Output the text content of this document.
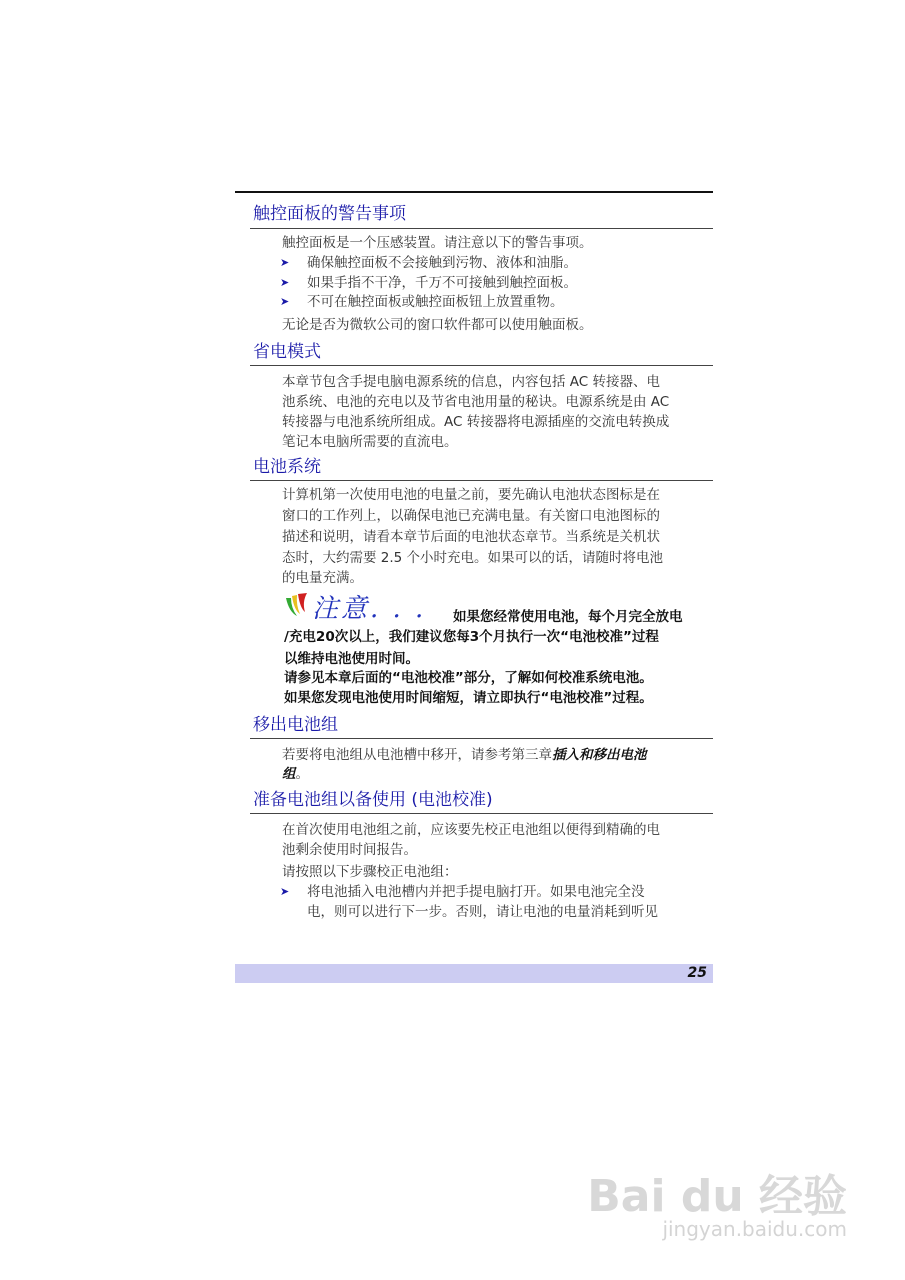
触控面板的警告事项
触控面板是一个压感装置。请注意以下的警告事项。
➤ 确保触控面板不会接触到污物、液体和油脂。
➤ 如果手指不干净，千万不可接触到触控面板。
➤ 不可在触控面板或触控面板钮上放置重物。
无论是否为微软公司的窗口软件都可以使用触面板。
省电模式
本章节包含手提电脑电源系统的信息，内容包括 AC 转接器、电
池系统、电池的充电以及节省电池用量的秘诀。电源系统是由 AC
转接器与电池系统所组成。AC 转接器将电源插座的交流电转换成
笔记本电脑所需要的直流电。
电池系统
计算机第一次使用电池的电量之前，要先确认电池状态图标是在
窗口的工作列上，以确保电池已充满电量。有关窗口电池图标的
描述和说明，请看本章节后面的电池状态章节。当系统是关机状
态时，大约需要 2.5 个小时充电。如果可以的话，请随时将电池
的电量充满。
注意. . . 如果您经常使用电池，每个月完全放电
/充电20次以上，我们建议您每3个月执行一次“电池校准”过程
以维持电池使用时间。
请参见本章后面的“电池校准”部分，了解如何校准系统电池。
如果您发现电池使用时间缩短，请立即执行“电池校准”过程。
移出电池组
若要将电池组从电池槽中移开，请参考第三章插入和移出电池
组。
准备电池组以备使用 (电池校准)
在首次使用电池组之前，应该要先校正电池组以便得到精确的电
池剩余使用时间报告。
请按照以下步骤校正电池组：
➤ 将电池插入电池槽内并把手提电脑打开。如果电池完全没
电，则可以进行下一步。否则，请让电池的电量消耗到听见
25
Bai du 经验
jingyan.baidu.com
